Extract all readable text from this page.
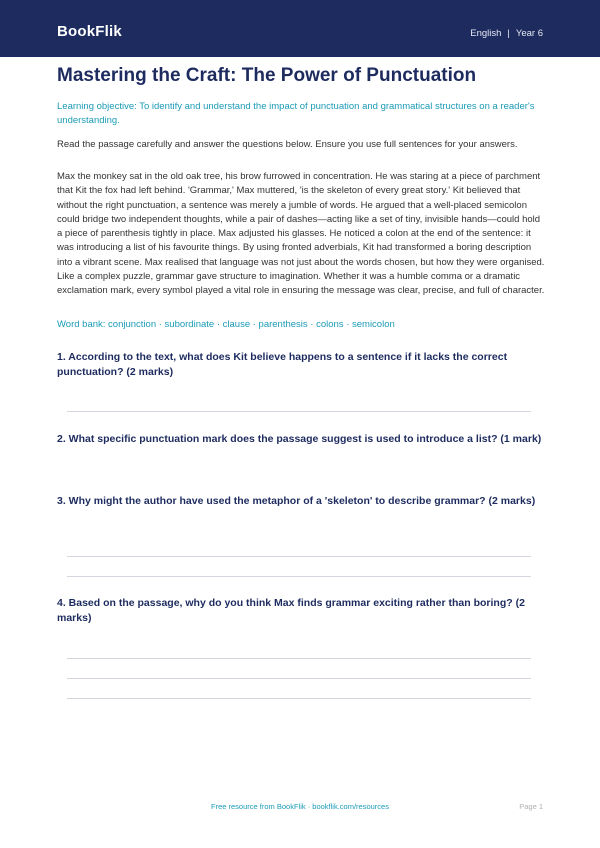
BookFlik	English | Year 6
Mastering the Craft: The Power of Punctuation
Learning objective: To identify and understand the impact of punctuation and grammatical structures on a reader's understanding.
Read the passage carefully and answer the questions below. Ensure you use full sentences for your answers.
Max the monkey sat in the old oak tree, his brow furrowed in concentration. He was staring at a piece of parchment that Kit the fox had left behind. 'Grammar,' Max muttered, 'is the skeleton of every great story.' Kit believed that without the right punctuation, a sentence was merely a jumble of words. He argued that a well-placed semicolon could bridge two independent thoughts, while a pair of dashes—acting like a set of tiny, invisible hands—could hold a piece of parenthesis tightly in place. Max adjusted his glasses. He noticed a colon at the end of the sentence: it was introducing a list of his favourite things. By using fronted adverbials, Kit had transformed a boring description into a vibrant scene. Max realised that language was not just about the words chosen, but how they were organised. Like a complex puzzle, grammar gave structure to imagination. Whether it was a humble comma or a dramatic exclamation mark, every symbol played a vital role in ensuring the message was clear, precise, and full of character.
Word bank: conjunction · subordinate · clause · parenthesis · colons · semicolon

1. According to the text, what does Kit believe happens to a sentence if it lacks the correct punctuation? (2 marks)

2. What specific punctuation mark does the passage suggest is used to introduce a list? (1 mark)

3. Why might the author have used the metaphor of a 'skeleton' to describe grammar? (2 marks)

4. Based on the passage, why do you think Max finds grammar exciting rather than boring? (2 marks)

Free resource from BookFlik · bookflik.com/resources	Page 1
